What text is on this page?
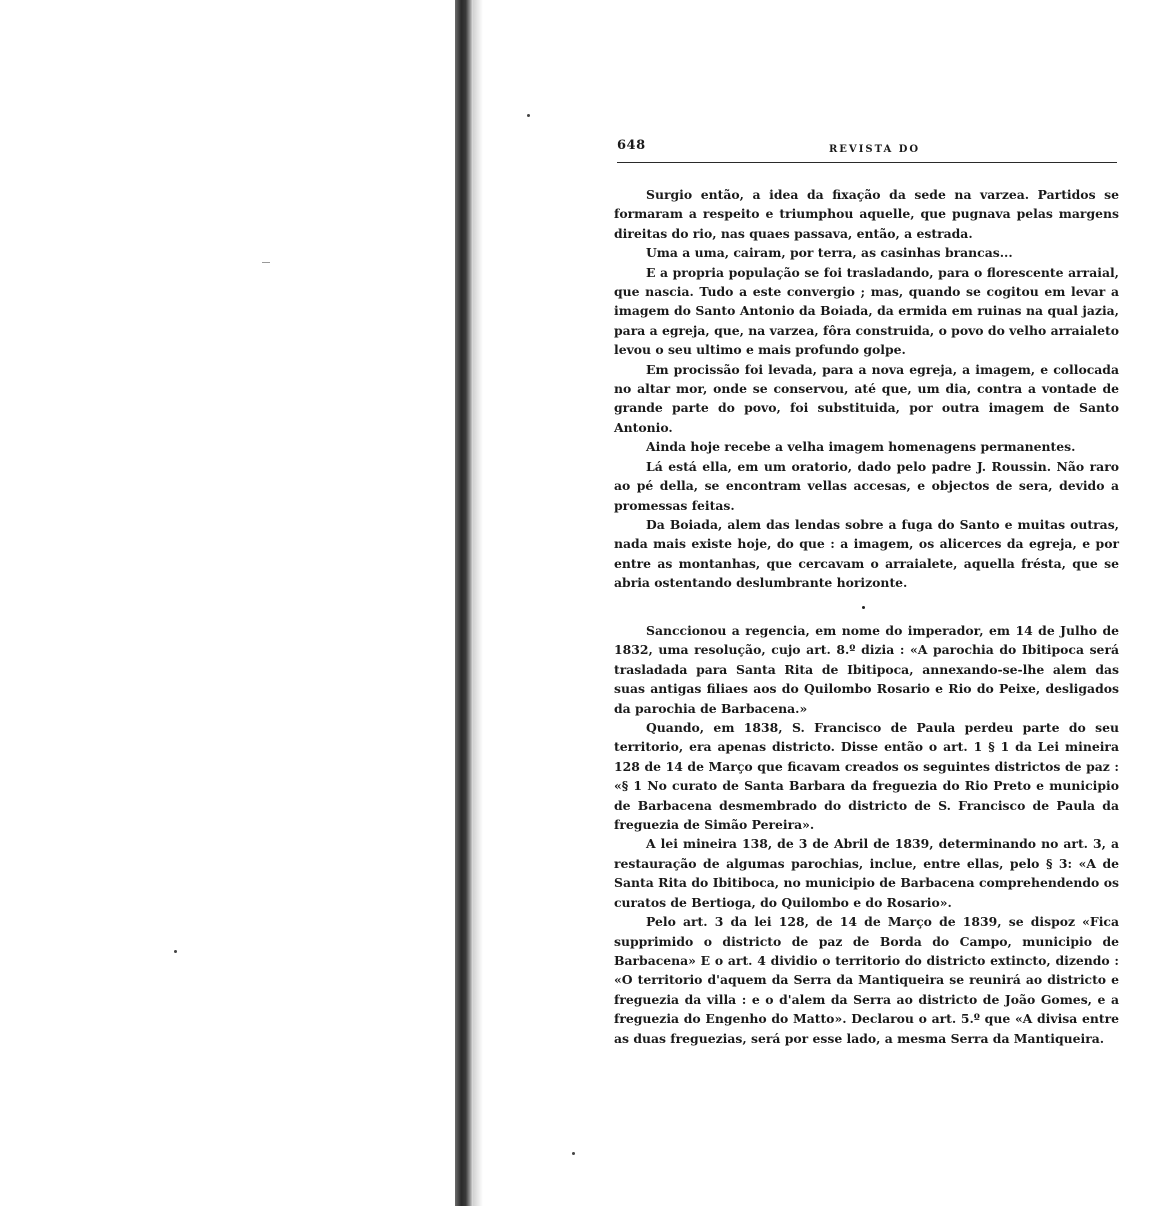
648	REVISTA DO

Surgio então, a idea da fixação da sede na varzea. Partidos se formaram a respeito e triumphou aquelle, que pugnava pelas margens direitas do rio, nas quaes passava, então, a estrada.

Uma a uma, cairam, por terra, as casinhas brancas...

E a propria população se foi trasladando, para o florescente arraial, que nascia. Tudo a este convergio ; mas, quando se cogitou em levar a imagem do Santo Antonio da Boiada, da ermida em ruinas na qual jazia, para a egreja, que, na varzea, fôra construida, o povo do velho arraialeto levou o seu ultimo e mais profundo golpe.

Em procissão foi levada, para a nova egreja, a imagem, e collocada no altar mor, onde se conservou, até que, um dia, contra a vontade de grande parte do povo, foi substituida, por outra imagem de Santo Antonio.

Ainda hoje recebe a velha imagem homenagens permanentes.

Lá está ella, em um oratorio, dado pelo padre J. Roussin. Não raro ao pé della, se encontram vellas accesas, e objectos de sera, devido a promessas feitas.

Da Boiada, alem das lendas sobre a fuga do Santo e muitas outras, nada mais existe hoje, do que : a imagem, os alicerces da egreja, e por entre as montanhas, que cercavam o arraialete, aquella frésta, que se abria ostentando deslumbrante horizonte.

Sanccionou a regencia, em nome do imperador, em 14 de Julho de 1832, uma resolução, cujo art. 8.º dizia : «A parochia do Ibitipoca será trasladada para Santa Rita de Ibitipoca, annexando-se-lhe alem das suas antigas filiaes aos do Quilombo Rosario e Rio do Peixe, desligados da parochia de Barbacena.»

Quando, em 1838, S. Francisco de Paula perdeu parte do seu territorio, era apenas districto. Disse então o art. 1 § 1 da Lei mineira 128 de 14 de Março que ficavam creados os seguintes districtos de paz : «§ 1 No curato de Santa Barbara da freguezia do Rio Preto e municipio de Barbacena desmembrado do districto de S. Francisco de Paula da freguezia de Simão Pereira».

A lei mineira 138, de 3 de Abril de 1839, determinando no art. 3, a restauração de algumas parochias, inclue, entre ellas, pelo § 3: «A de Santa Rita do Ibitiboca, no municipio de Barbacena comprehendendo os curatos de Bertioga, do Quilombo e do Rosario».

Pelo art. 3 da lei 128, de 14 de Março de 1839, se dispoz «Fica supprimido o districto de paz de Borda do Campo, municipio de Barbacena» E o art. 4 dividio o territorio do districto extincto, dizendo : «O territorio d'aquem da Serra da Mantiqueira se reunirá ao districto e freguezia da villa : e o d'alem da Serra ao districto de João Gomes, e a freguezia do Engenho do Matto». Declarou o art. 5.º que «A divisa entre as duas freguezias, será por esse lado, a mesma Serra da Mantiqueira.
